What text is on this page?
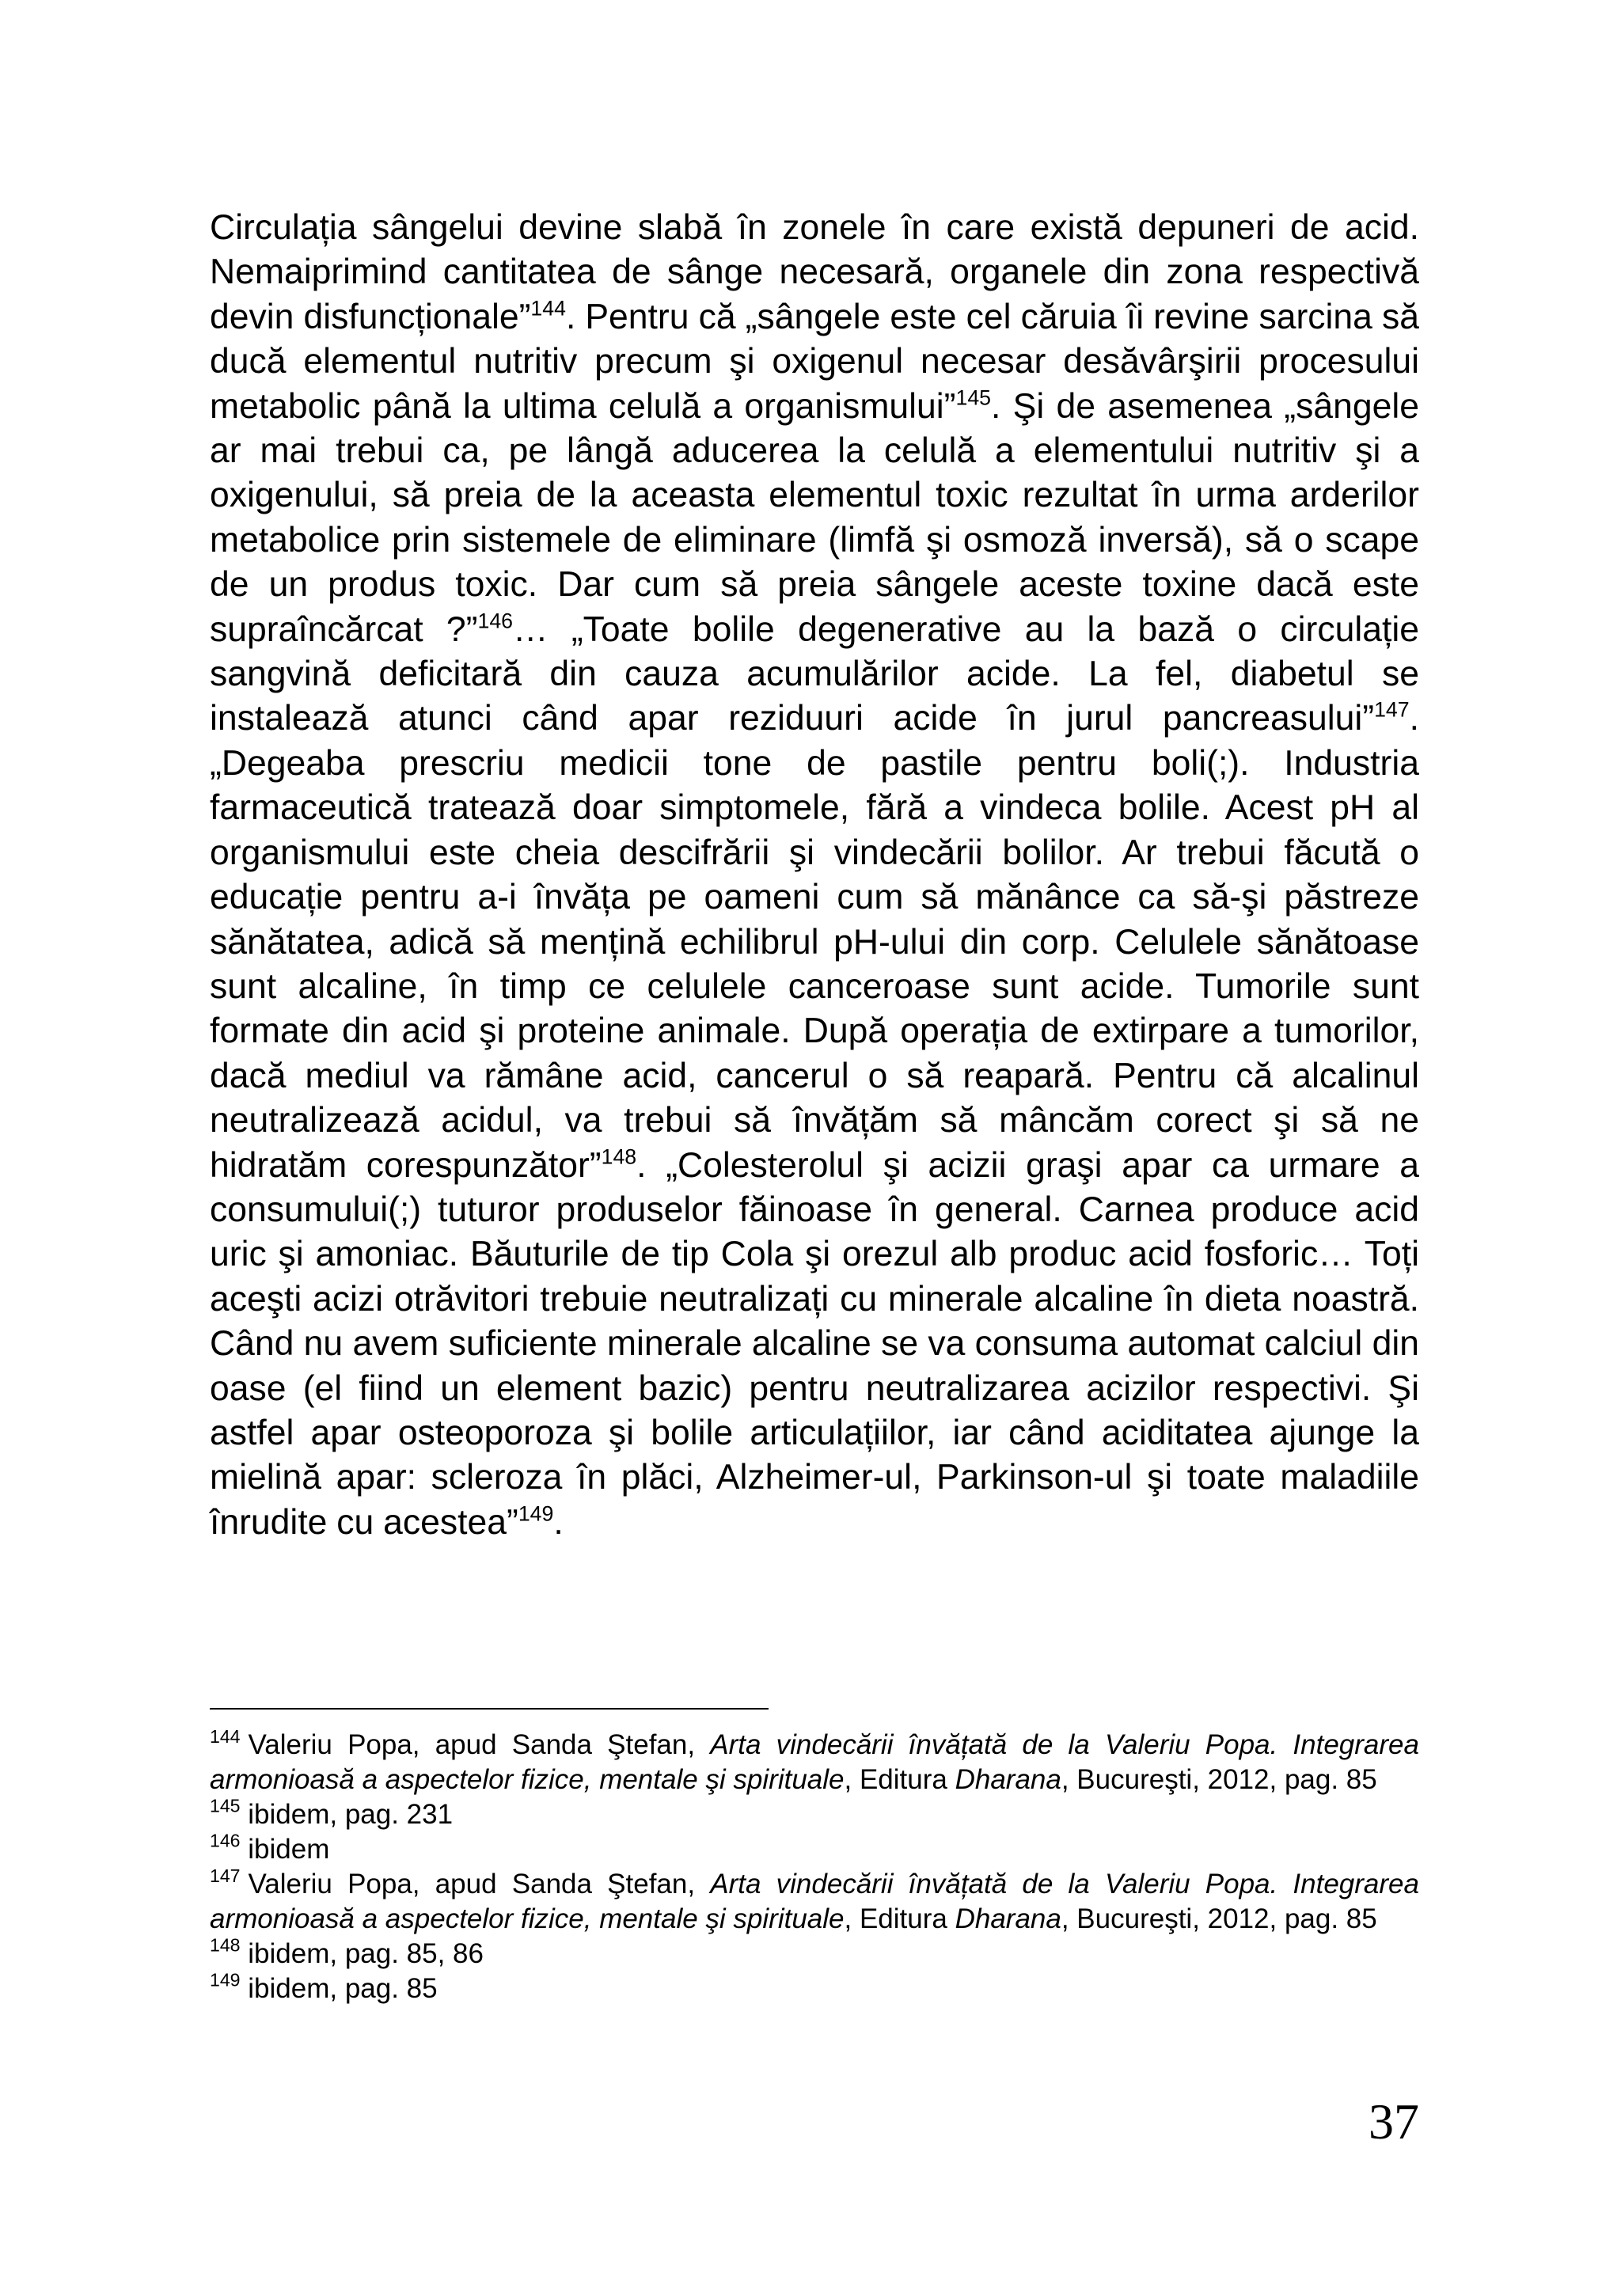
Circulația sângelui devine slabă în zonele în care există depuneri de acid. Nemaiprimind cantitatea de sânge necesară, organele din zona respectivă devin disfuncționale”$^{144}$. Pentru că „sângele este cel căruia îi revine sarcina să ducă elementul nutritiv precum şi oxigenul necesar desăvârşirii procesului metabolic până la ultima celulă a organismului”$^{145}$. Şi de asemenea „sângele ar mai trebui ca, pe lângă aducerea la celulă a elementului nutritiv şi a oxigenului, să preia de la aceasta elementul toxic rezultat în urma arderilor metabolice prin sistemele de eliminare (limfă şi osmoză inversă), să o scape de un produs toxic. Dar cum să preia sângele aceste toxine dacă este supraîncărcat ?”$^{146}$… „Toate bolile degenerative au la bază o circulație sangvină deficitară din cauza acumulărilor acide. La fel, diabetul se instalează atunci când apar reziduuri acide în jurul pancreasului”$^{147}$. „Degeaba prescriu medicii tone de pastile pentru boli(;). Industria farmaceutică tratează doar simptomele, fără a vindeca bolile. Acest pH al organismului este cheia descifrării şi vindecării bolilor. Ar trebui făcută o educație pentru a-i învăța pe oameni cum să mănânce ca să-şi păstreze sănătatea, adică să mențină echilibrul pH-ului din corp. Celulele sănătoase sunt alcaline, în timp ce celulele canceroase sunt acide. Tumorile sunt formate din acid şi proteine animale. După operația de extirpare a tumorilor, dacă mediul va rămâne acid, cancerul o să reapară. Pentru că alcalinul neutralizează acidul, va trebui să învățăm să mâncăm corect şi să ne hidratăm corespunzător”$^{148}$. „Colesterolul şi acizii graşi apar ca urmare a consumului(;) tuturor produselor făinoase în general. Carnea produce acid uric şi amoniac. Băuturile de tip Cola şi orezul alb produc acid fosforic… Toți aceşti acizi otrăvitori trebuie neutralizați cu minerale alcaline în dieta noastră. Când nu avem suficiente minerale alcaline se va consuma automat calciul din oase (el fiind un element bazic) pentru neutralizarea acizilor respectivi. Şi astfel apar osteoporoza şi bolile articulațiilor, iar când aciditatea ajunge la mielină apar: scleroza în plăci, Alzheimer-ul, Parkinson-ul şi toate maladiile înrudite cu acestea”$^{149}$.

$^{144}$ Valeriu Popa, apud Sanda Ştefan, Arta vindecării învățată de la Valeriu Popa. Integrarea armonioasă a aspectelor fizice, mentale şi spirituale, Editura Dharana, Bucureşti, 2012, pag. 85

$^{145}$ ibidem, pag. 231

$^{146}$ ibidem

$^{147}$ Valeriu Popa, apud Sanda Ştefan, Arta vindecării învățată de la Valeriu Popa. Integrarea armonioasă a aspectelor fizice, mentale şi spirituale, Editura Dharana, Bucureşti, 2012, pag. 85

$^{148}$ ibidem, pag. 85, 86

$^{149}$ ibidem, pag. 85

37
